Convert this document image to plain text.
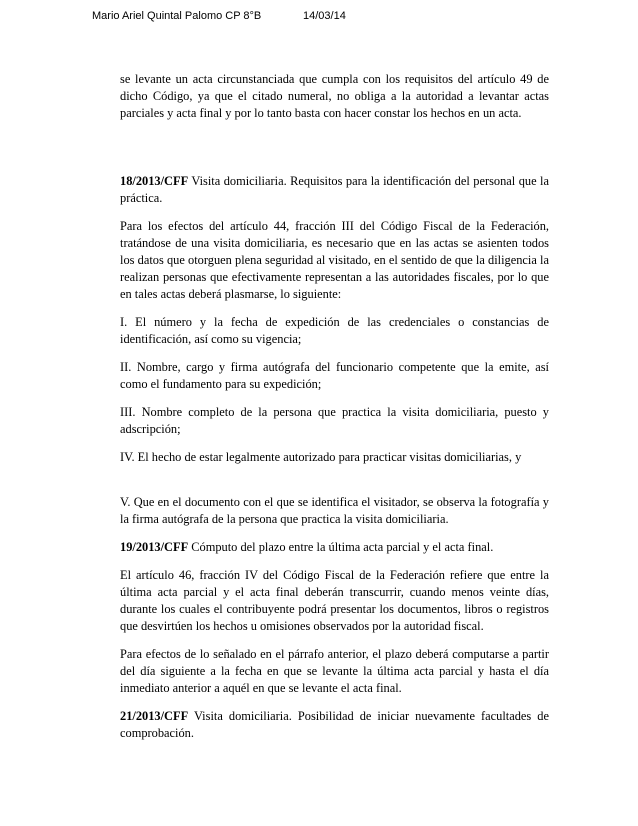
Mario Ariel Quintal Palomo CP 8°B	14/03/14

se levante un acta circunstanciada que cumpla con los requisitos del artículo 49 de dicho Código, ya que el citado numeral, no obliga a la autoridad a levantar actas parciales y acta final y por lo tanto basta con hacer constar los hechos en un acta.

18/2013/CFF Visita domiciliaria. Requisitos para la identificación del personal que la práctica.

Para los efectos del artículo 44, fracción III del Código Fiscal de la Federación, tratándose de una visita domiciliaria, es necesario que en las actas se asienten todos los datos que otorguen plena seguridad al visitado, en el sentido de que la diligencia la realizan personas que efectivamente representan a las autoridades fiscales, por lo que en tales actas deberá plasmarse, lo siguiente:

I. El número y la fecha de expedición de las credenciales o constancias de identificación, así como su vigencia;

II. Nombre, cargo y firma autógrafa del funcionario competente que la emite, así como el fundamento para su expedición;

III. Nombre completo de la persona que practica la visita domiciliaria, puesto y adscripción;

IV. El hecho de estar legalmente autorizado para practicar visitas domiciliarias, y

V. Que en el documento con el que se identifica el visitador, se observa la fotografía y la firma autógrafa de la persona que practica la visita domiciliaria.

19/2013/CFF Cómputo del plazo entre la última acta parcial y el acta final.

El artículo 46, fracción IV del Código Fiscal de la Federación refiere que entre la última acta parcial y el acta final deberán transcurrir, cuando menos veinte días, durante los cuales el contribuyente podrá presentar los documentos, libros o registros que desvirtúen los hechos u omisiones observados por la autoridad fiscal.

Para efectos de lo señalado en el párrafo anterior, el plazo deberá computarse a partir del día siguiente a la fecha en que se levante la última acta parcial y hasta el día inmediato anterior a aquél en que se levante el acta final.

21/2013/CFF Visita domiciliaria. Posibilidad de iniciar nuevamente facultades de comprobación.
